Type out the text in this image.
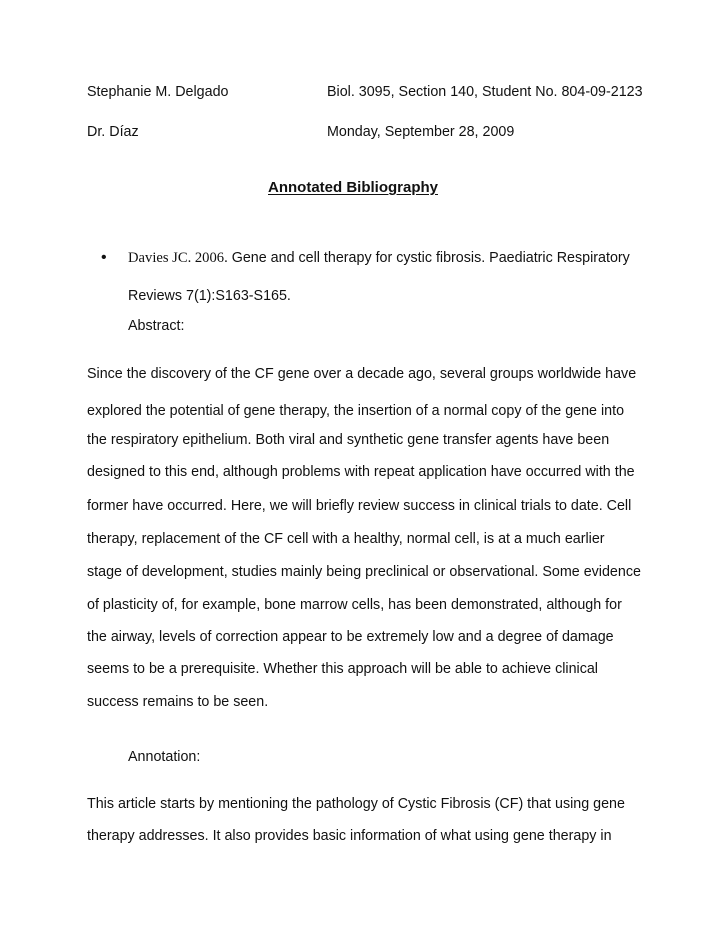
Stephanie M. Delgado	Biol. 3095, Section 140, Student No. 804-09-2123
Dr. Díaz	Monday, September 28, 2009
Annotated Bibliography
• Davies JC. 2006. Gene and cell therapy for cystic fibrosis. Paediatric Respiratory
Reviews 7(1):S163-S165.
Abstract:
Since the discovery of the CF gene over a decade ago, several groups worldwide have
explored the potential of gene therapy, the insertion of a normal copy of the gene into
the respiratory epithelium. Both viral and synthetic gene transfer agents have been
designed to this end, although problems with repeat application have occurred with the
former have occurred. Here, we will briefly review success in clinical trials to date. Cell
therapy, replacement of the CF cell with a healthy, normal cell, is at a much earlier
stage of development, studies mainly being preclinical or observational. Some evidence
of plasticity of, for example, bone marrow cells, has been demonstrated, although for
the airway, levels of correction appear to be extremely low and a degree of damage
seems to be a prerequisite. Whether this approach will be able to achieve clinical
success remains to be seen.
Annotation:
This article starts by mentioning the pathology of Cystic Fibrosis (CF) that using gene
therapy addresses. It also provides basic information of what using gene therapy in
